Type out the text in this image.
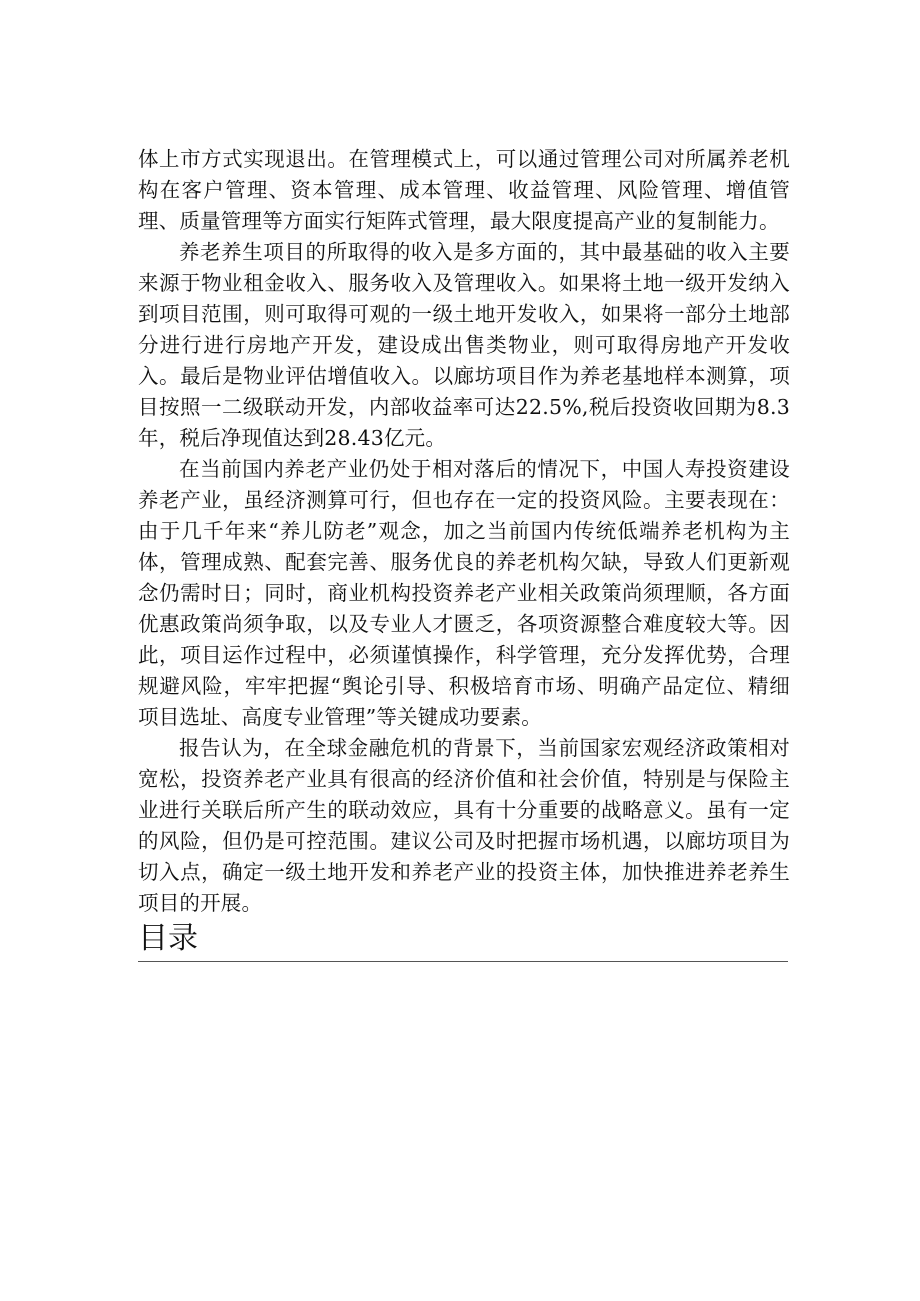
体上市方式实现退出。在管理模式上，可以通过管理公司对所属养老机构在客户管理、资本管理、成本管理、收益管理、风险管理、增值管理、质量管理等方面实行矩阵式管理，最大限度提高产业的复制能力。

养老养生项目的所取得的收入是多方面的，其中最基础的收入主要来源于物业租金收入、服务收入及管理收入。如果将土地一级开发纳入到项目范围，则可取得可观的一级土地开发收入，如果将一部分土地部分进行进行房地产开发，建设成出售类物业，则可取得房地产开发收入。最后是物业评估增值收入。以廊坊项目作为养老基地样本测算，项目按照一二级联动开发，内部收益率可达22.5%,税后投资收回期为8.3年，税后净现值达到28.43亿元。

在当前国内养老产业仍处于相对落后的情况下，中国人寿投资建设养老产业，虽经济测算可行，但也存在一定的投资风险。主要表现在：由于几千年来“养儿防老”观念，加之当前国内传统低端养老机构为主体，管理成熟、配套完善、服务优良的养老机构欠缺，导致人们更新观念仍需时日；同时，商业机构投资养老产业相关政策尚须理顺，各方面优惠政策尚须争取，以及专业人才匮乏，各项资源整合难度较大等。因此，项目运作过程中，必须谨慎操作，科学管理，充分发挥优势，合理规避风险，牢牢把握“舆论引导、积极培育市场、明确产品定位、精细项目选址、高度专业管理”等关键成功要素。

报告认为，在全球金融危机的背景下，当前国家宏观经济政策相对宽松，投资养老产业具有很高的经济价值和社会价值，特别是与保险主业进行关联后所产生的联动效应，具有十分重要的战略意义。虽有一定的风险，但仍是可控范围。建议公司及时把握市场机遇，以廊坊项目为切入点，确定一级土地开发和养老产业的投资主体，加快推进养老养生项目的开展。

目录
